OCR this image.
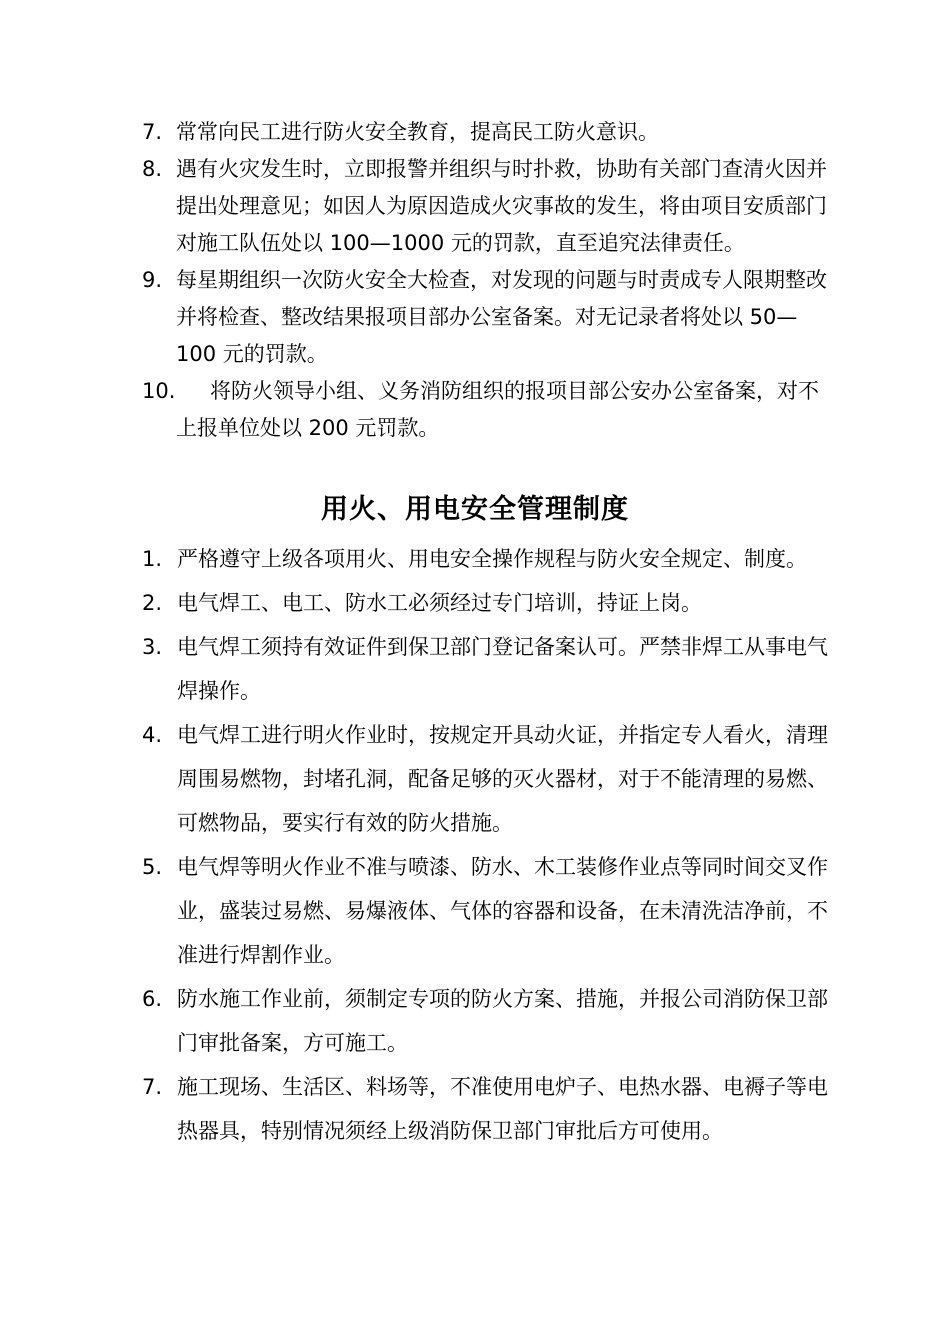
7. 常常向民工进行防火安全教育，提高民工防火意识。
8. 遇有火灾发生时，立即报警并组织与时扑救，协助有关部门查清火因并提出处理意见；如因人为原因造成火灾事故的发生，将由项目安质部门对施工队伍处以 100—1000 元的罚款，直至追究法律责任。
9. 每星期组织一次防火安全大检查，对发现的问题与时责成专人限期整改并将检查、整改结果报项目部办公室备案。对无记录者将处以 50—100 元的罚款。
10. 将防火领导小组、义务消防组织的报项目部公安办公室备案，对不上报单位处以 200 元罚款。
用火、用电安全管理制度
1. 严格遵守上级各项用火、用电安全操作规程与防火安全规定、制度。
2. 电气焊工、电工、防水工必须经过专门培训，持证上岗。
3. 电气焊工须持有效证件到保卫部门登记备案认可。严禁非焊工从事电气焊操作。
4. 电气焊工进行明火作业时，按规定开具动火证，并指定专人看火，清理周围易燃物，封堵孔洞，配备足够的灭火器材，对于不能清理的易燃、可燃物品，要实行有效的防火措施。
5. 电气焊等明火作业不准与喷漆、防水、木工装修作业点等同时间交叉作业，盛装过易燃、易爆液体、气体的容器和设备，在未清洗洁净前，不准进行焊割作业。
6. 防水施工作业前，须制定专项的防火方案、措施，并报公司消防保卫部门审批备案，方可施工。
7. 施工现场、生活区、料场等，不准使用电炉子、电热水器、电褥子等电热器具，特别情况须经上级消防保卫部门审批后方可使用。
